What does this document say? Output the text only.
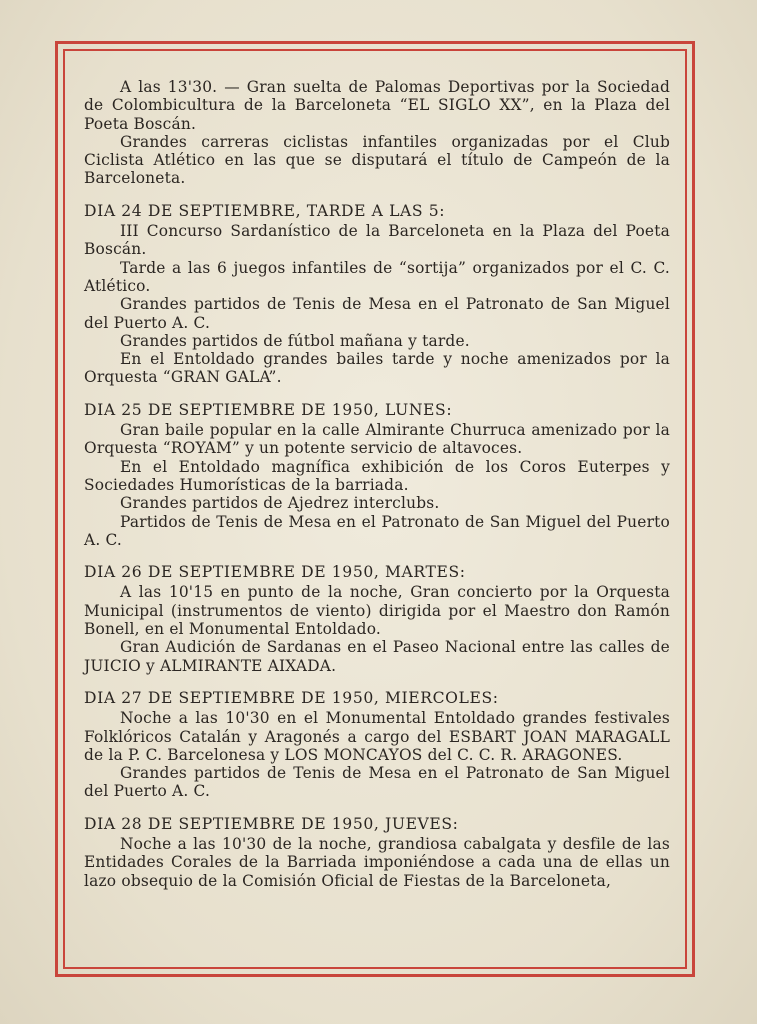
A las 13'30. — Gran suelta de Palomas Deportivas por la Sociedad de Colombicultura de la Barceloneta “EL SIGLO XX”, en la Plaza del Poeta Boscán.

Grandes carreras ciclistas infantiles organizadas por el Club Ciclista Atlético en las que se disputará el título de Campeón de la Barceloneta.

DIA 24 DE SEPTIEMBRE, TARDE A LAS 5:

III Concurso Sardanístico de la Barceloneta en la Plaza del Poeta Boscán.

Tarde a las 6 juegos infantiles de “sortija” organizados por el C. C. Atlético.

Grandes partidos de Tenis de Mesa en el Patronato de San Miguel del Puerto A. C.

Grandes partidos de fútbol mañana y tarde.

En el Entoldado grandes bailes tarde y noche amenizados por la Orquesta “GRAN GALA”.

DIA 25 DE SEPTIEMBRE DE 1950, LUNES:

Gran baile popular en la calle Almirante Churruca amenizado por la Orquesta “ROYAM” y un potente servicio de altavoces.

En el Entoldado magnífica exhibición de los Coros Euterpes y Sociedades Humorísticas de la barriada.

Grandes partidos de Ajedrez interclubs.

Partidos de Tenis de Mesa en el Patronato de San Miguel del Puerto A. C.

DIA 26 DE SEPTIEMBRE DE 1950, MARTES:

A las 10'15 en punto de la noche, Gran concierto por la Orquesta Municipal (instrumentos de viento) dirigida por el Maestro don Ramón Bonell, en el Monumental Entoldado.

Gran Audición de Sardanas en el Paseo Nacional entre las calles de JUICIO y ALMIRANTE AIXADA.

DIA 27 DE SEPTIEMBRE DE 1950, MIERCOLES:

Noche a las 10'30 en el Monumental Entoldado grandes festivales Folklóricos Catalán y Aragonés a cargo del ESBART JOAN MARAGALL de la P. C. Barcelonesa y LOS MONCAYOS del C. C. R. ARAGONES.

Grandes partidos de Tenis de Mesa en el Patronato de San Miguel del Puerto A. C.

DIA 28 DE SEPTIEMBRE DE 1950, JUEVES:

Noche a las 10'30 de la noche, grandiosa cabalgata y desfile de las Entidades Corales de la Barriada imponiéndose a cada una de ellas un lazo obsequio de la Comisión Oficial de Fiestas de la Barceloneta,
